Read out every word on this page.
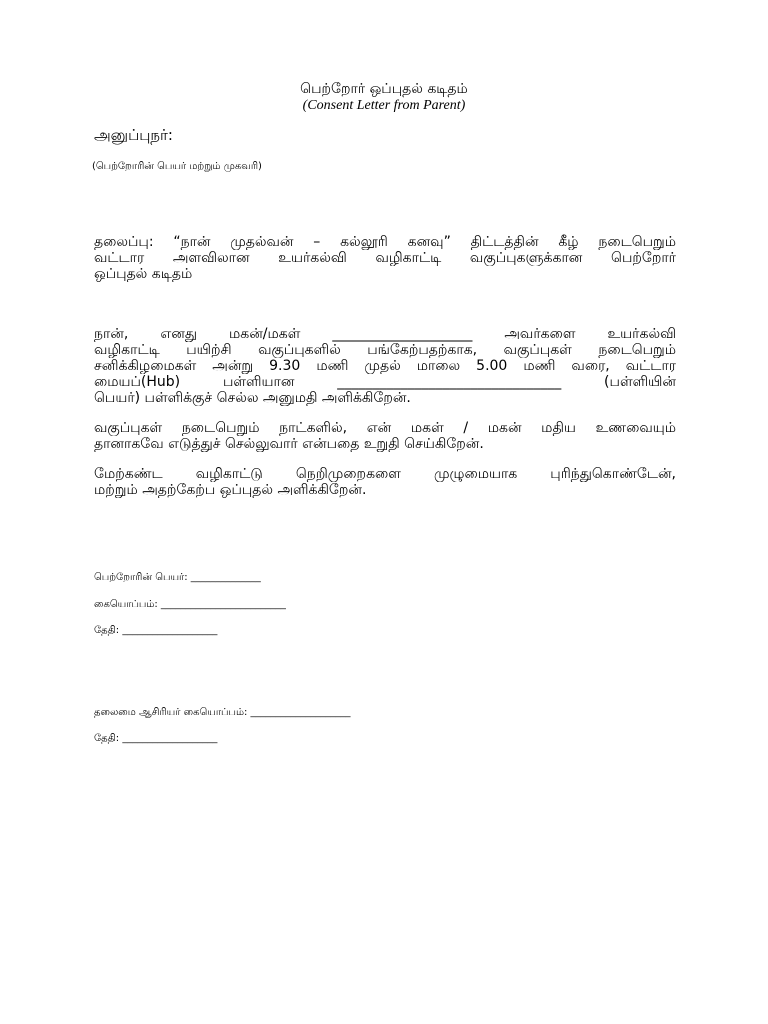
பெற்றோர் ஒப்புதல் கடிதம்
(Consent Letter from Parent)
அனுப்புநர்:
(பெற்றோரின் பெயர் மற்றும் முகவரி)
தலைப்பு: “நான் முதல்வன் – கல்லூரி கனவு” திட்டத்தின் கீழ் நடைபெறும்
வட்டார அளவிலான உயர்கல்வி வழிகாட்டி வகுப்புகளுக்கான பெற்றோர்
ஒப்புதல் கடிதம்
நான், எனது மகன்/மகள் ____________________ அவர்களை உயர்கல்வி
வழிகாட்டி பயிற்சி வகுப்புகளில் பங்கேற்பதற்காக, வகுப்புகள் நடைபெறும்
சனிக்கிழமைகள் அன்று 9.30 மணி முதல் மாலை 5.00 மணி வரை, வட்டார
மையப்(Hub) பள்ளியான ________________________________ (பள்ளியின்
பெயர்) பள்ளிக்குச் செல்ல அனுமதி அளிக்கிறேன்.
வகுப்புகள் நடைபெறும் நாட்களில், என் மகள் / மகன் மதிய உணவையும்
தானாகவே எடுத்துச் செல்லுவார் என்பதை உறுதி செய்கிறேன்.
மேற்கண்ட வழிகாட்டு நெறிமுறைகளை முழுமையாக புரிந்துகொண்டேன்,
மற்றும் அதற்கேற்ப ஒப்புதல் அளிக்கிறேன்.
பெற்றோரின் பெயர்: ______________
கையொப்பம்: _________________________
தேதி: ___________________
தலைமை ஆசிரியர் கையொப்பம்: ____________________
தேதி: ___________________
